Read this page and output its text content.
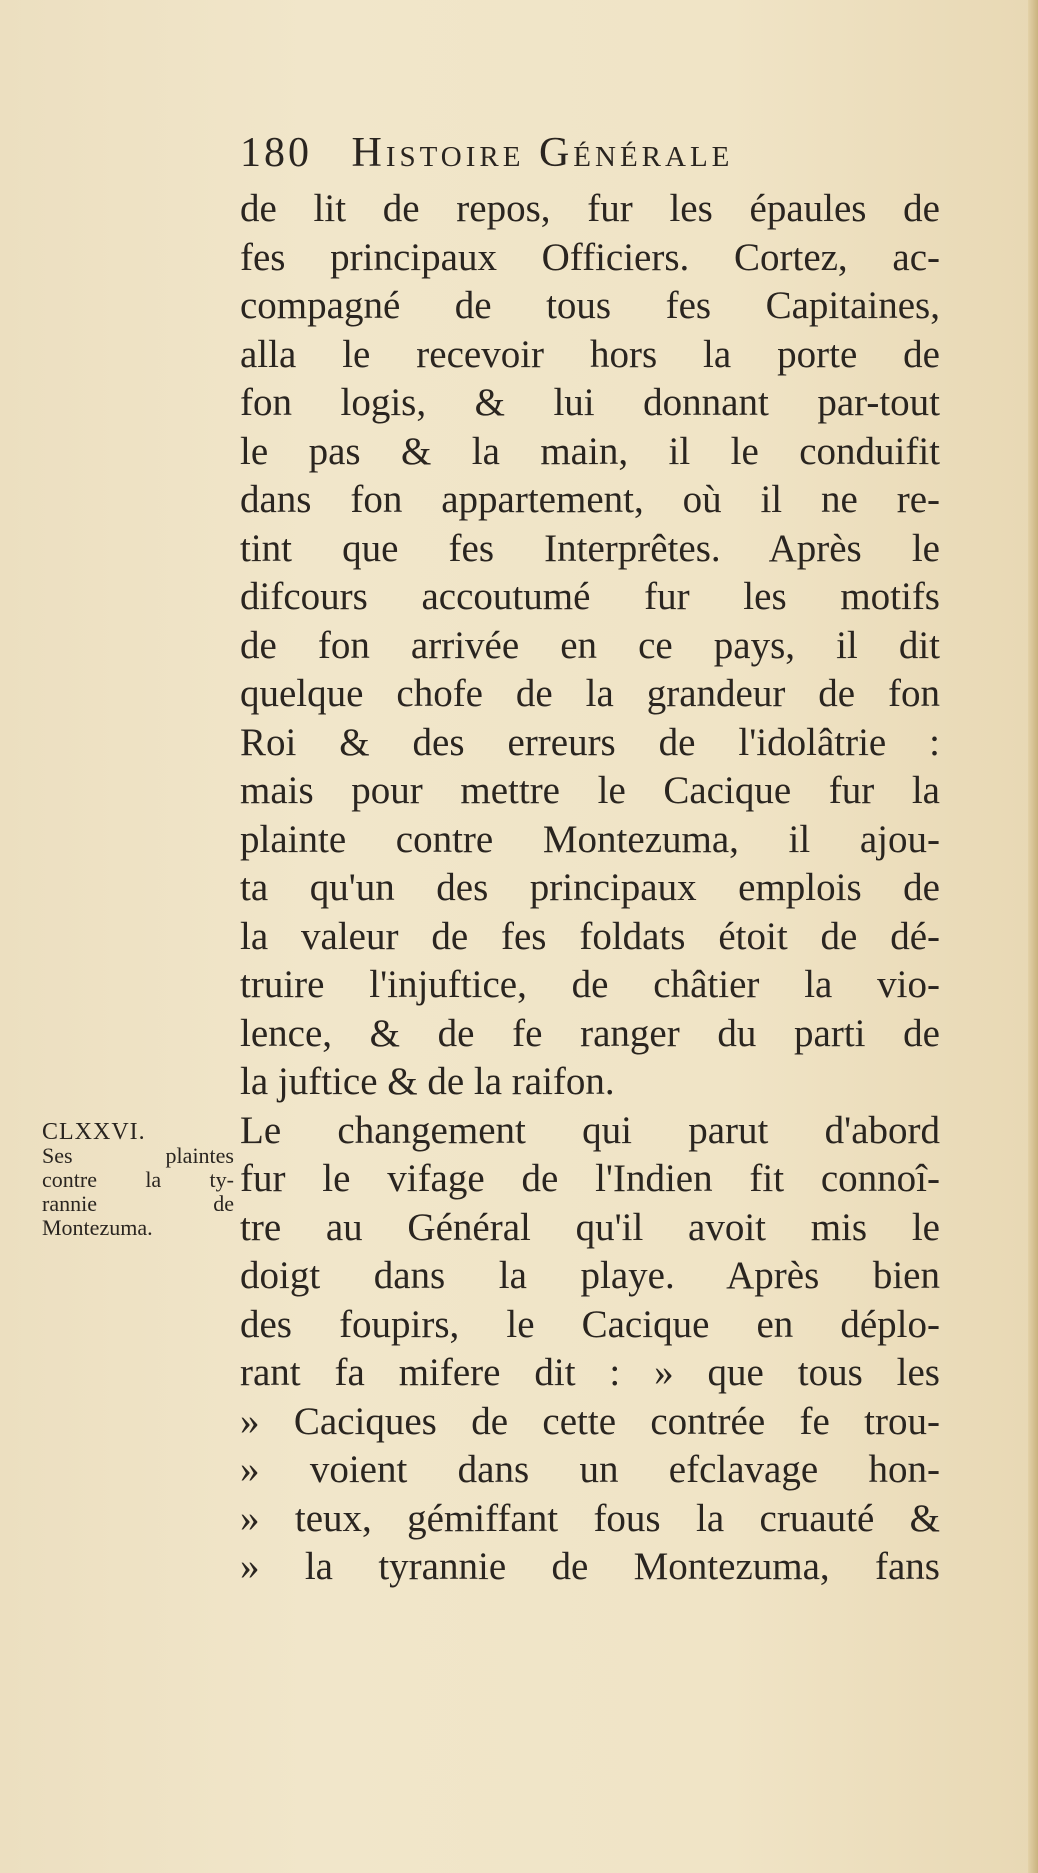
180 Histoire Générale
CLXXVI.
Ses plaintes
contre la ty-
rannie de
Montezuma.
de lit de repos, fur les épaules de
fes principaux Officiers. Cortez, ac-
compagné de tous fes Capitaines,
alla le recevoir hors la porte de
fon logis, & lui donnant par-tout
le pas & la main, il le conduifit
dans fon appartement, où il ne re-
tint que fes Interprêtes. Après le
difcours accoutumé fur les motifs
de fon arrivée en ce pays, il dit
quelque chofe de la grandeur de fon
Roi & des erreurs de l'idolâtrie :
mais pour mettre le Cacique fur la
plainte contre Montezuma, il ajou-
ta qu'un des principaux emplois de
la valeur de fes foldats étoit de dé-
truire l'injuftice, de châtier la vio-
lence, & de fe ranger du parti de
la juftice & de la raifon.
Le changement qui parut d'abord
fur le vifage de l'Indien fit connoî-
tre au Général qu'il avoit mis le
doigt dans la playe. Après bien
des foupirs, le Cacique en déplo-
rant fa mifere dit : » que tous les
» Caciques de cette contrée fe trou-
» voient dans un efclavage hon-
» teux, gémiffant fous la cruauté &
» la tyrannie de Montezuma, fans
